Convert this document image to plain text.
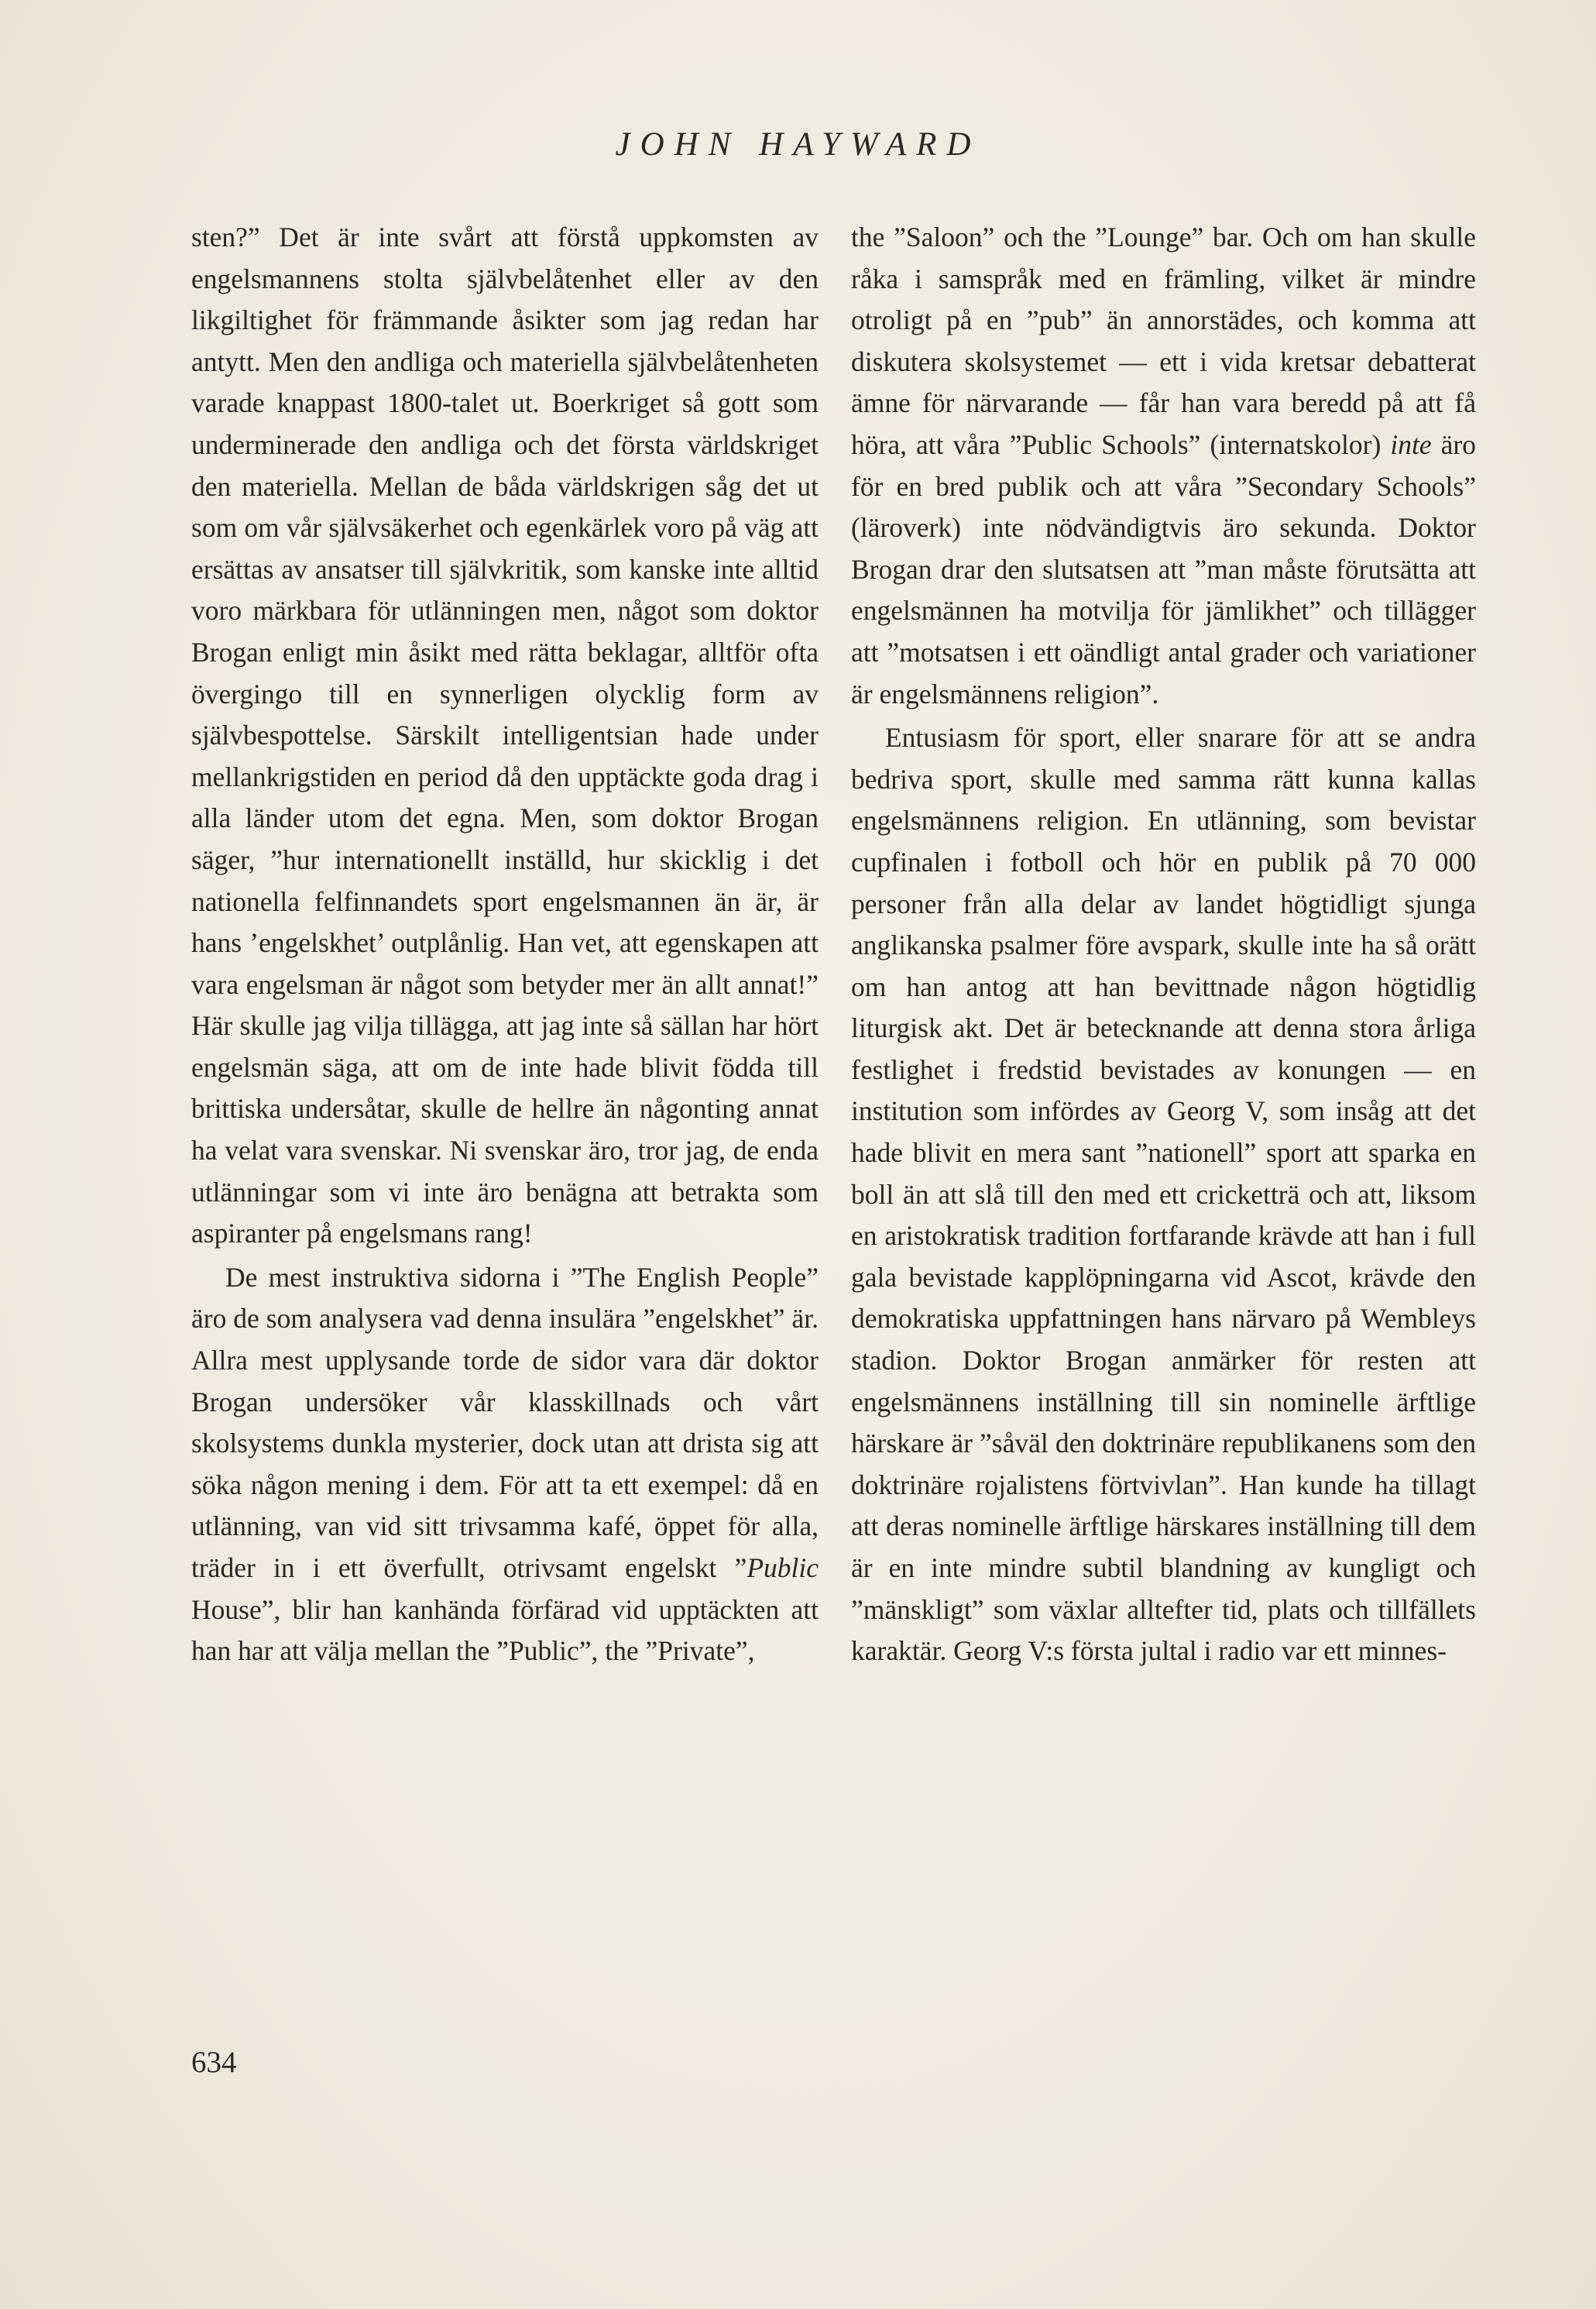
JOHN HAYWARD

sten?” Det är inte svårt att förstå uppkomsten av engelsmannens stolta självbelåtenhet eller av den likgiltighet för främmande åsikter som jag redan har antytt. Men den andliga och materiella självbelåtenheten varade knappast 1800-talet ut. Boerkriget så gott som underminerade den andliga och det första världskriget den materiella. Mellan de båda världskrigen såg det ut som om vår självsäkerhet och egenkärlek voro på väg att ersättas av ansatser till självkritik, som kanske inte alltid voro märkbara för utlänningen men, något som doktor Brogan enligt min åsikt med rätta beklagar, alltför ofta övergingo till en synnerligen olycklig form av självbespottelse. Särskilt intelligentsian hade under mellankrigstiden en period då den upptäckte goda drag i alla länder utom det egna. Men, som doktor Brogan säger, ”hur internationellt inställd, hur skicklig i det nationella felfinnandets sport engelsmannen än är, är hans ’engelskhet’ outplånlig. Han vet, att egenskapen att vara engelsman är något som betyder mer än allt annat!” Här skulle jag vilja tillägga, att jag inte så sällan har hört engelsmän säga, att om de inte hade blivit födda till brittiska undersåtar, skulle de hellre än någonting annat ha velat vara svenskar. Ni svenskar äro, tror jag, de enda utlänningar som vi inte äro benägna att betrakta som aspiranter på engelsmans rang!

De mest instruktiva sidorna i ”The English People” äro de som analysera vad denna insulära ”engelskhet” är. Allra mest upplysande torde de sidor vara där doktor Brogan undersöker vår klasskillnads och vårt skolsystems dunkla mysterier, dock utan att drista sig att söka någon mening i dem. För att ta ett exempel: då en utlänning, van vid sitt trivsamma kafé, öppet för alla, träder in i ett överfullt, otrivsamt engelskt ”Public House”, blir han kanhända förfärad vid upptäckten att han har att välja mellan the ”Public”, the ”Private”,

the ”Saloon” och the ”Lounge” bar. Och om han skulle råka i samspråk med en främling, vilket är mindre otroligt på en ”pub” än annorstädes, och komma att diskutera skolsystemet — ett i vida kretsar debatterat ämne för närvarande — får han vara beredd på att få höra, att våra ”Public Schools” (internatskolor) inte äro för en bred publik och att våra ”Secondary Schools” (läroverk) inte nödvändigtvis äro sekunda. Doktor Brogan drar den slutsatsen att ”man måste förutsätta att engelsmännen ha motvilja för jämlikhet” och tillägger att ”motsatsen i ett oändligt antal grader och variationer är engelsmännens religion”.

Entusiasm för sport, eller snarare för att se andra bedriva sport, skulle med samma rätt kunna kallas engelsmännens religion. En utlänning, som bevistar cupfinalen i fotboll och hör en publik på 70 000 personer från alla delar av landet högtidligt sjunga anglikanska psalmer före avspark, skulle inte ha så orätt om han antog att han bevittnade någon högtidlig liturgisk akt. Det är betecknande att denna stora årliga festlighet i fredstid bevistades av konungen — en institution som infördes av Georg V, som insåg att det hade blivit en mera sant ”nationell” sport att sparka en boll än att slå till den med ett cricketträ och att, liksom en aristokratisk tradition fortfarande krävde att han i full gala bevistade kapplöpningarna vid Ascot, krävde den demokratiska uppfattningen hans närvaro på Wembleys stadion. Doktor Brogan anmärker för resten att engelsmännens inställning till sin nominelle ärftlige härskare är ”såväl den doktrinäre republikanens som den doktrinäre rojalistens förtvivlan”. Han kunde ha tillagt att deras nominelle ärftlige härskares inställning till dem är en inte mindre subtil blandning av kungligt och ”mänskligt” som växlar alltefter tid, plats och tillfällets karaktär. Georg V:s första jultal i radio var ett minnes-

634
